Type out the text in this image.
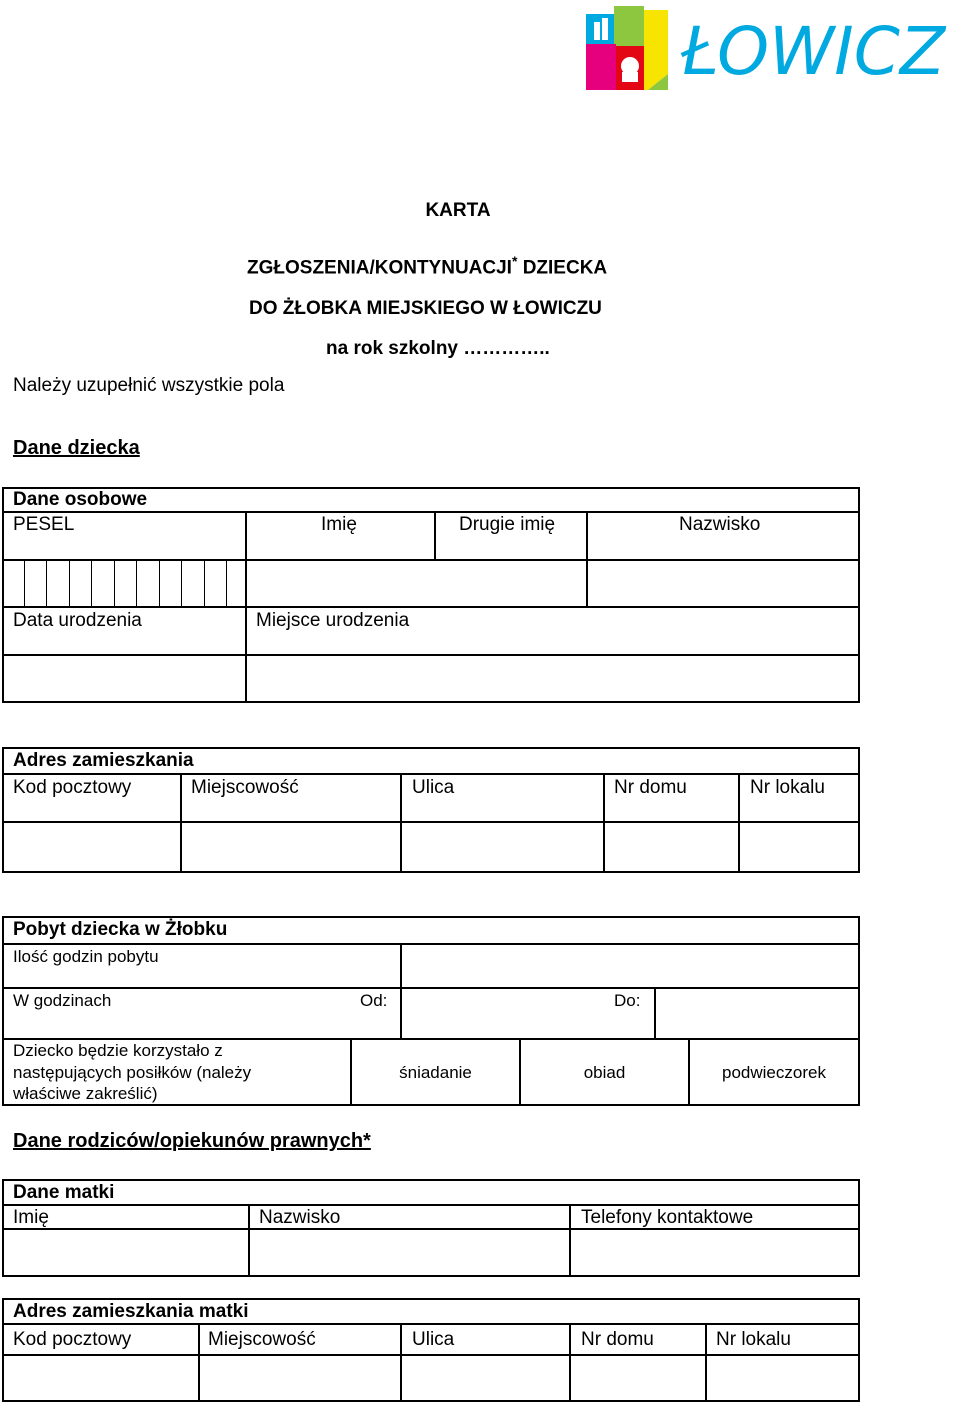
ŁOWICZ
KARTA
ZGŁOSZENIA/KONTYNUACJI* DZIECKA
DO ŻŁOBKA MIEJSKIEGO W ŁOWICZU
na rok szkolny …………..
Należy uzupełnić wszystkie pola
Dane dziecka
Dane osobowe
PESEL	Imię	Drugie imię	Nazwisko
Data urodzenia	Miejsce urodzenia
Adres zamieszkania
Kod pocztowy	Miejscowość	Ulica	Nr domu	Nr lokalu
Pobyt dziecka w Żłobku
Ilość godzin pobytu
W godzinach	Od:	Do:
Dziecko będzie korzystało z następujących posiłków (należy właściwe zakreślić)
śniadanie	obiad	podwieczorek
Dane rodziców/opiekunów prawnych*
Dane matki
Imię	Nazwisko	Telefony kontaktowe
Adres zamieszkania matki
Kod pocztowy	Miejscowość	Ulica	Nr domu	Nr lokalu
